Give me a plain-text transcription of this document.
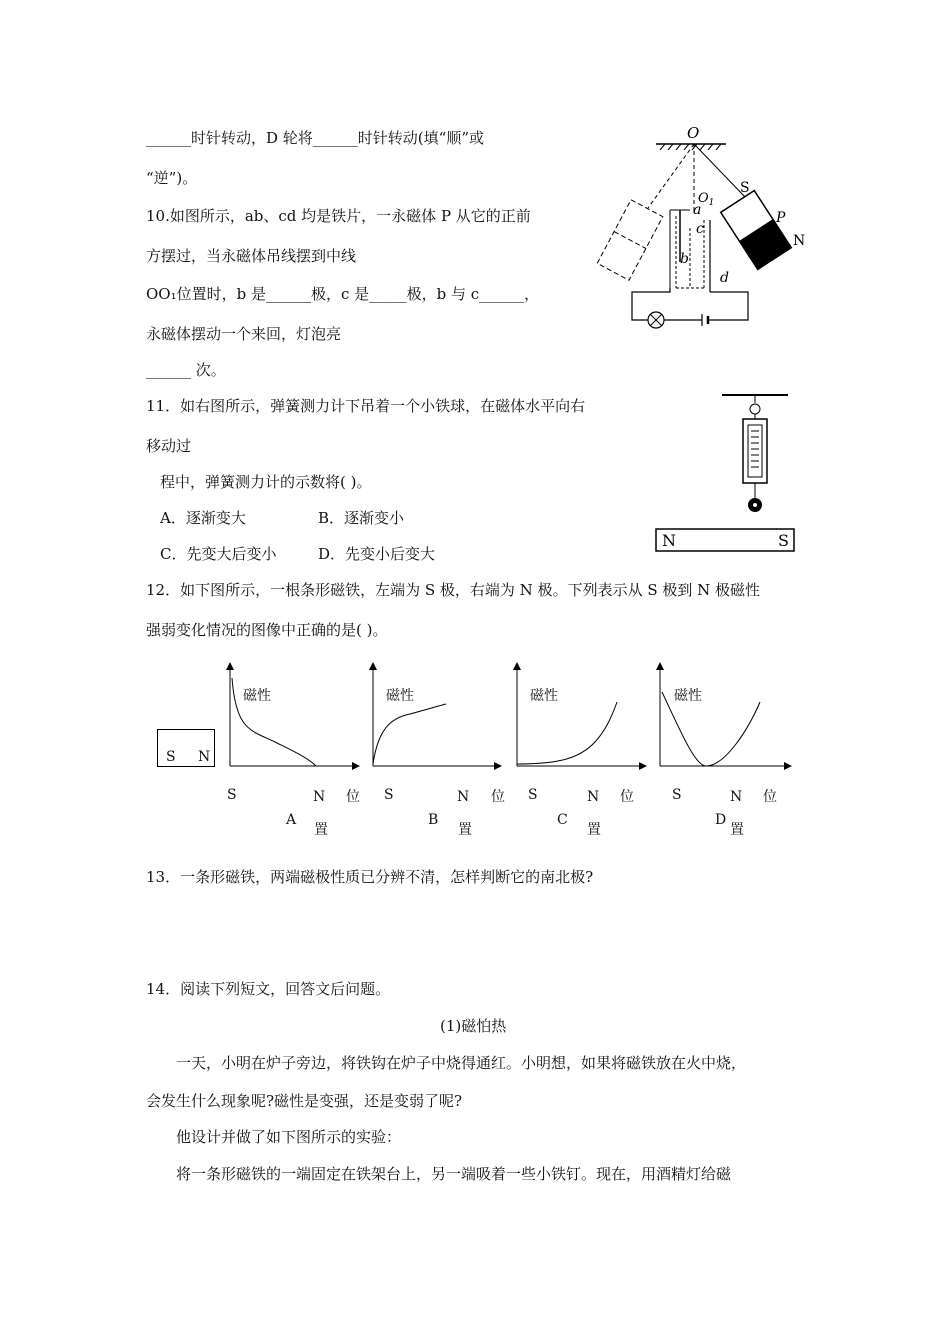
______时针转动，D 轮将______时针转动(填“顺”或
“逆”)。
10.如图所示，ab、cd 均是铁片，一永磁体 P 从它的正前
方摆过，当永磁体吊线摆到中线
OO₁位置时，b 是______极，c 是_____极，b 与 c______，
永磁体摆动一个来回，灯泡亮
______ 次。
O
$O_1$
S
P
N
a
b
c
d
11．如右图所示，弹簧测力计下吊着一个小铁球，在磁体水平向右
移动过
程中，弹簧测力计的示数将( )。
A．逐渐变大	B．逐渐变小
C．先变大后变小	D．先变小后变大
N	S
12．如下图所示，一根条形磁铁，左端为 S 极，右端为 N 极。下列表示从 S 极到 N 极磁性
强弱变化情况的图像中正确的是( )。
S N
磁性	磁性	磁性	磁性
S	N 位
A
置
S	N 位
B
置
S	N 位
C
置
S	N 位
D
置
13．一条形磁铁，两端磁极性质已分辨不清，怎样判断它的南北极?
14．阅读下列短文，回答文后问题。
(1)磁怕热
一天，小明在炉子旁边，将铁钩在炉子中烧得通红。小明想，如果将磁铁放在火中烧，
会发生什么现象呢?磁性是变强，还是变弱了呢?
他设计并做了如下图所示的实验：
将一条形磁铁的一端固定在铁架台上，另一端吸着一些小铁钉。现在，用酒精灯给磁
